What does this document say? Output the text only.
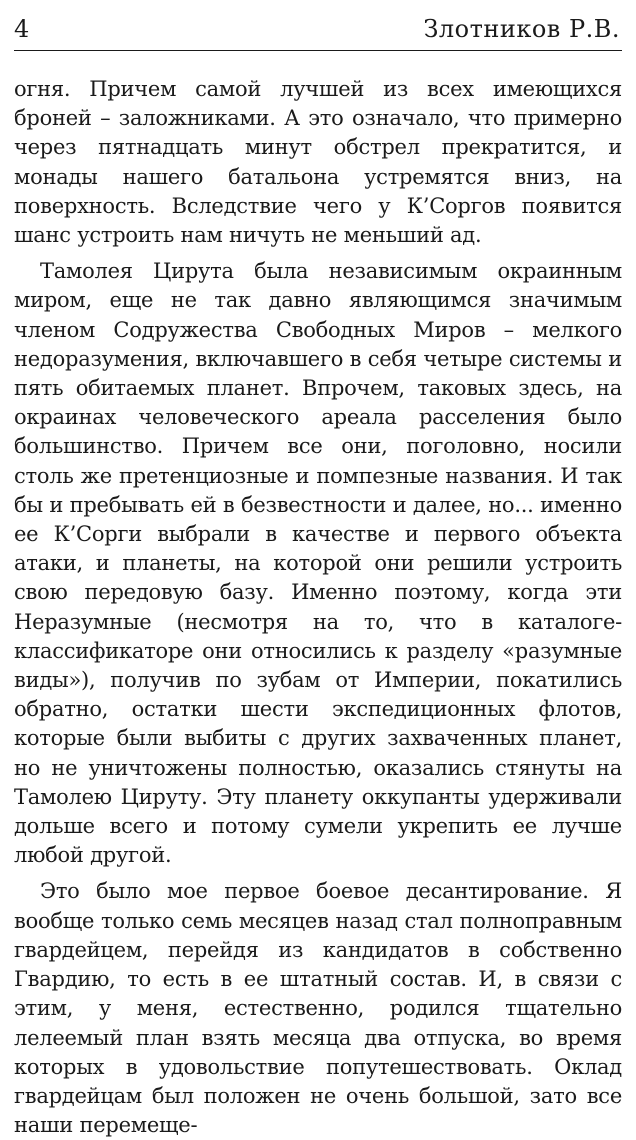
4	Злотников Р.В.

огня. Причем самой лучшей из всех имеющихся броней – заложниками. А это означало, что примерно через пятнадцать минут обстрел прекратится, и монады нашего батальона устремятся вниз, на поверхность. Вследствие чего у К’Соргов появится шанс устроить нам ничуть не меньший ад.

Тамолея Цирута была независимым окраинным миром, еще не так давно являющимся значимым членом Содружества Свободных Миров – мелкого недоразумения, включавшего в себя четыре системы и пять обитаемых планет. Впрочем, таковых здесь, на окраинах человеческого ареала расселения было большинство. Причем все они, поголовно, носили столь же претенциозные и помпезные названия. И так бы и пребывать ей в безвестности и далее, но... именно ее К’Сорги выбрали в качестве и первого объекта атаки, и планеты, на которой они решили устроить свою передовую базу. Именно поэтому, когда эти Неразумные (несмотря на то, что в каталоге-классификаторе они относились к разделу «разумные виды»), получив по зубам от Империи, покатились обратно, остатки шести экспедиционных флотов, которые были выбиты с других захваченных планет, но не уничтожены полностью, оказались стянуты на Тамолею Цируту. Эту планету оккупанты удерживали дольше всего и потому сумели укрепить ее лучше любой другой.

Это было мое первое боевое десантирование. Я вообще только семь месяцев назад стал полноправным гвардейцем, перейдя из кандидатов в собственно Гвардию, то есть в ее штатный состав. И, в связи с этим, у меня, естественно, родился тщательно лелеемый план взять месяца два отпуска, во время которых в удовольствие попутешествовать. Оклад гвардейцам был положен не очень большой, зато все наши перемеще-
